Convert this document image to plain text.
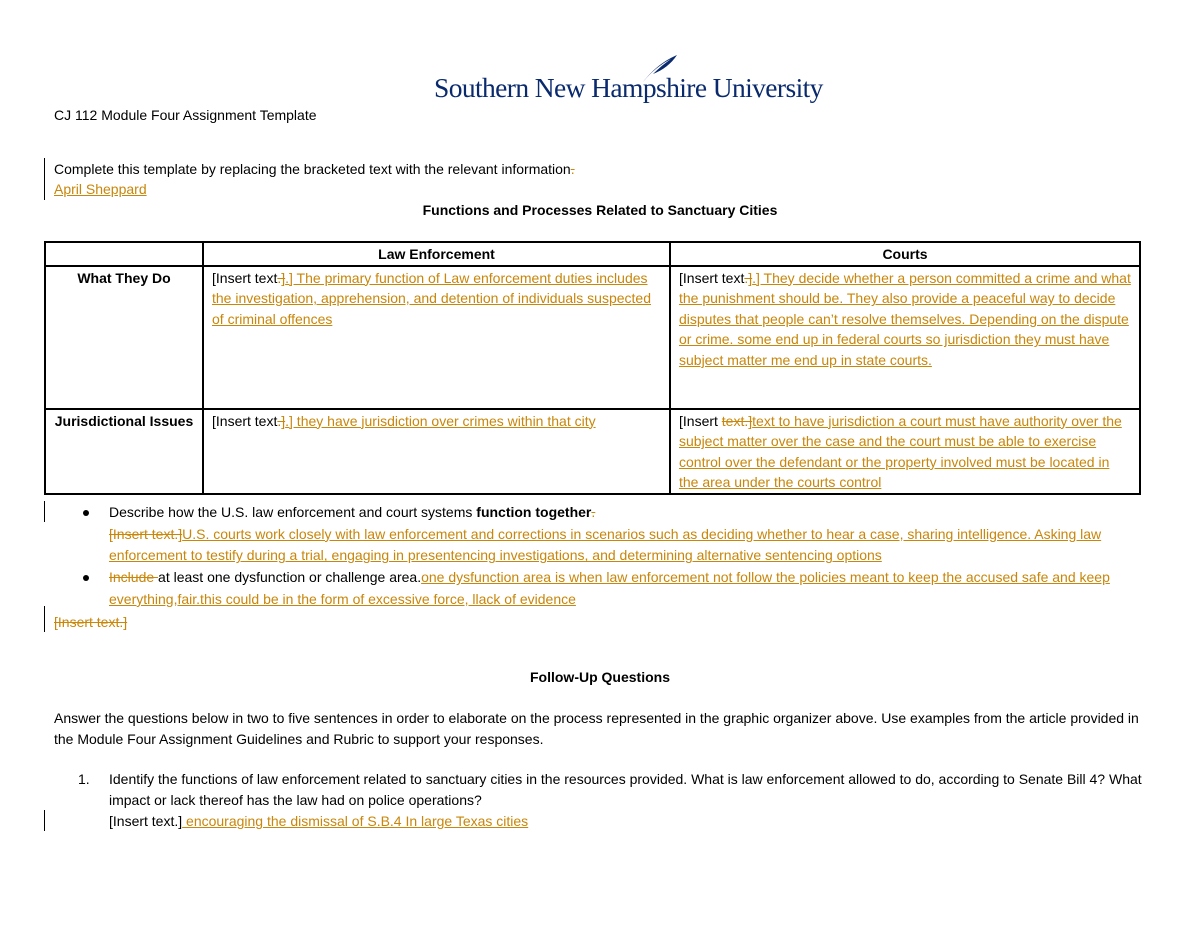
Southern New Hampshire University
CJ 112 Module Four Assignment Template
Complete this template by replacing the bracketed text with the relevant information.
April Sheppard
Functions and Processes Related to Sanctuary Cities
	Law Enforcement	Courts
What They Do	[Insert text.].] The primary function of Law enforcement duties includes the investigation, apprehension, and detention of individuals suspected of criminal offences	[Insert text.].] They decide whether a person committed a crime and what the punishment should be. They also provide a peaceful way to decide disputes that people can’t resolve themselves. Depending on the dispute or crime. some end up in federal courts so jurisdiction they must have subject matter me end up in state courts.
Jurisdictional Issues	[Insert text.].] they have jurisdiction over crimes within that city	[Insert text.]text to have jurisdiction a court must have authority over the subject matter over the case and the court must be able to exercise control over the defendant or the property involved must be located in the area under the courts control
Describe how the U.S. law enforcement and court systems function together.
[Insert text.]U.S. courts work closely with law enforcement and corrections in scenarios such as deciding whether to hear a case, sharing intelligence. Asking law enforcement to testify during a trial, engaging in presentencing investigations, and determining alternative sentencing options
Include at least one dysfunction or challenge area.one dysfunction area is when law enforcement not follow the policies meant to keep the accused safe and keep everything,fair.this could be in the form of excessive force, llack of evidence
[Insert text.]
Follow-Up Questions
Answer the questions below in two to five sentences in order to elaborate on the process represented in the graphic organizer above. Use examples from the article provided in the Module Four Assignment Guidelines and Rubric to support your responses.
1. Identify the functions of law enforcement related to sanctuary cities in the resources provided. What is law enforcement allowed to do, according to Senate Bill 4? What impact or lack thereof has the law had on police operations?
[Insert text.] encouraging the dismissal of S.B.4 In large Texas cities
